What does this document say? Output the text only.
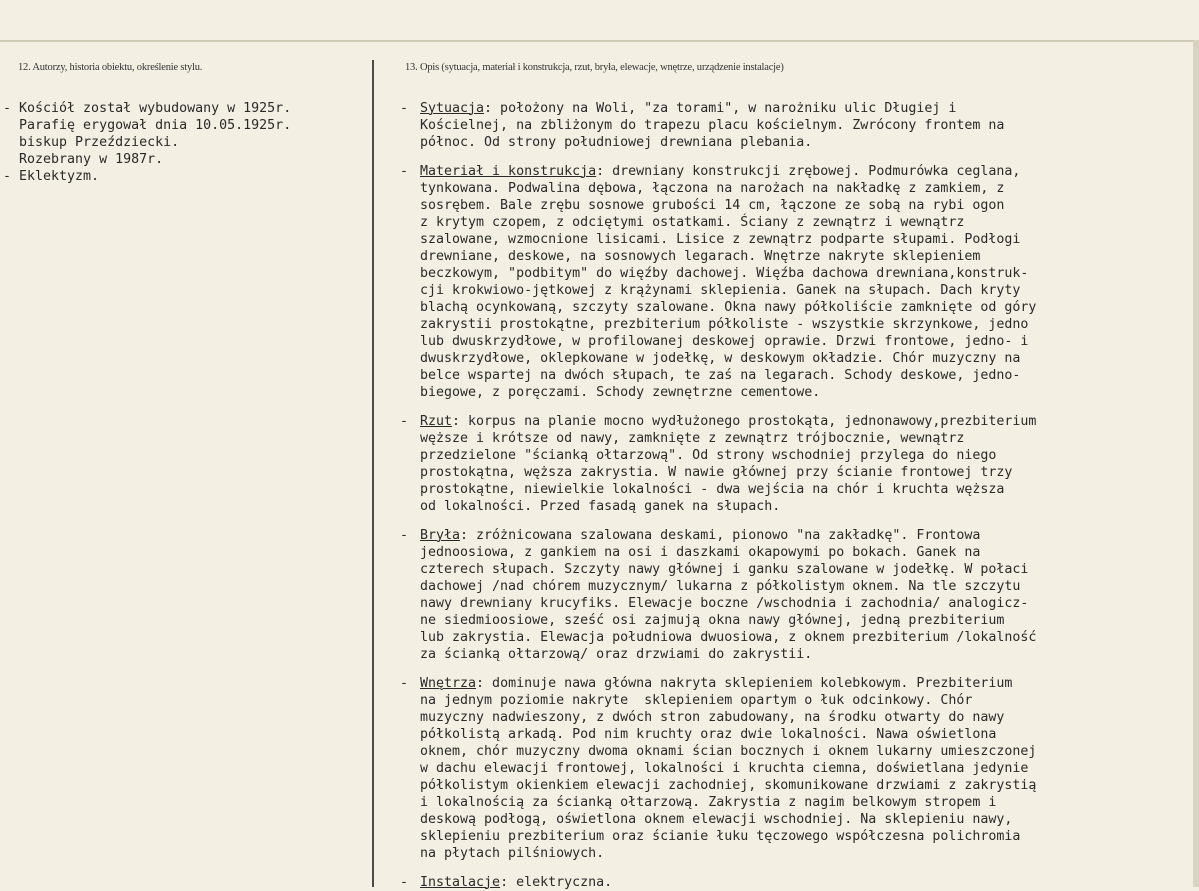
12. Autorzy, historia obiektu, określenie stylu.	13. Opis (sytuacja, materiał i konstrukcja, rzut, bryła, elewacje, wnętrze, urządzenie instalacje)
- Kościół został wybudowany w 1925r.
Parafię erygował dnia 10.05.1925r.
biskup Przeździecki.
Rozebrany w 1987r.
- Eklektyzm.
- Sytuacja: położony na Woli, "za torami", w narożniku ulic Długiej i
Kościelnej, na zbliżonym do trapezu placu kościelnym. Zwrócony frontem na
północ. Od strony południowej drewniana plebania.
- Materiał i konstrukcja: drewniany konstrukcji zrębowej. Podmurówka ceglana,
tynkowana. Podwalina dębowa, łączona na narożach na nakładkę z zamkiem, z
sosrębem. Bale zrębu sosnowe grubości 14 cm, łączone ze sobą na rybi ogon
z krytym czopem, z odciętymi ostatkami. Ściany z zewnątrz i wewnątrz
szalowane, wzmocnione lisicami. Lisice z zewnątrz podparte słupami. Podłogi
drewniane, deskowe, na sosnowych legarach. Wnętrze nakryte sklepieniem
beczkowym, "podbitym" do więźby dachowej. Więźba dachowa drewniana,konstruk-
cji krokwiowo-jętkowej z krążynami sklepienia. Ganek na słupach. Dach kryty
blachą ocynkowaną, szczyty szalowane. Okna nawy półkoliście zamknięte od góry
zakrystii prostokątne, prezbiterium półkoliste - wszystkie skrzynkowe, jedno
lub dwuskrzydłowe, w profilowanej deskowej oprawie. Drzwi frontowe, jedno- i
dwuskrzydłowe, oklepkowane w jodełkę, w deskowym okładzie. Chór muzyczny na
belce wspartej na dwóch słupach, te zaś na legarach. Schody deskowe, jedno-
biegowe, z poręczami. Schody zewnętrzne cementowe.
- Rzut: korpus na planie mocno wydłużonego prostokąta, jednonawowy,prezbiterium
węższe i krótsze od nawy, zamknięte z zewnątrz trójbocznie, wewnątrz
przedzielone "ścianką ołtarzową". Od strony wschodniej przylega do niego
prostokątna, węższa zakrystia. W nawie głównej przy ścianie frontowej trzy
prostokątne, niewielkie lokalności - dwa wejścia na chór i kruchta węższa
od lokalności. Przed fasadą ganek na słupach.
- Bryła: zróżnicowana szalowana deskami, pionowo "na zakładkę". Frontowa
jednoosiowa, z gankiem na osi i daszkami okapowymi po bokach. Ganek na
czterech słupach. Szczyty nawy głównej i ganku szalowane w jodełkę. W połaci
dachowej /nad chórem muzycznym/ lukarna z półkolistym oknem. Na tle szczytu
nawy drewniany krucyfiks. Elewacje boczne /wschodnia i zachodnia/ analogicz-
ne siedmioosiowe, sześć osi zajmują okna nawy głównej, jedną prezbiterium
lub zakrystia. Elewacja południowa dwuosiowa, z oknem prezbiterium /lokalność
za ścianką ołtarzową/ oraz drzwiami do zakrystii.
- Wnętrza: dominuje nawa główna nakryta sklepieniem kolebkowym. Prezbiterium
na jednym poziomie nakryte  sklepieniem opartym o łuk odcinkowy. Chór
muzyczny nadwieszony, z dwóch stron zabudowany, na środku otwarty do nawy
półkolistą arkadą. Pod nim kruchty oraz dwie lokalności. Nawa oświetlona
oknem, chór muzyczny dwoma oknami ścian bocznych i oknem lukarny umieszczonej
w dachu elewacji frontowej, lokalności i kruchta ciemna, doświetlana jedynie
półkolistym okienkiem elewacji zachodniej, skomunikowane drzwiami z zakrystią
i lokalnością za ścianką ołtarzową. Zakrystia z nagim belkowym stropem i
deskową podłogą, oświetlona oknem elewacji wschodniej. Na sklepieniu nawy,
sklepieniu prezbiterium oraz ścianie łuku tęczowego współczesna polichromia
na płytach pilśniowych.
- Instalacje: elektryczna.
